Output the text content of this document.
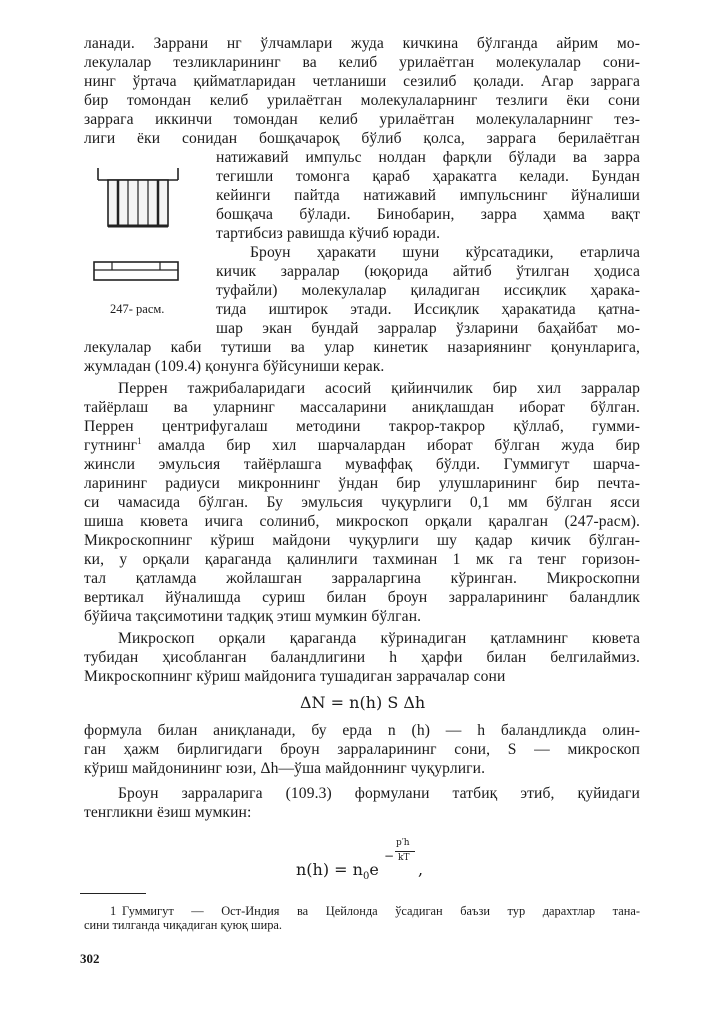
ланади. Заррани нг ўлчамлари жуда кичкина бўлганда айрим мо-
лекулалар тезликларининг ва келиб урилаётган молекулалар сони-
нинг ўртача қийматларидан четланиши сезилиб қолади. Агар заррага
бир томондан келиб урилаётган молекулаларнинг тезлиги ёки сони
заррага иккинчи томондан келиб урилаётган молекулаларнинг тез-
лиги ёки сонидан бошқачароқ бўлиб қолса, заррага берилаётган
247- расм.
натижавий импульс нолдан фарқли бўлади ва зарра
тегишли томонга қараб ҳаракатга келади. Бундан
кейинги пайтда натижавий импульснинг йўналиши
бошқача бўлади. Бинобарин, зарра ҳамма вақт
тартибсиз равишда кўчиб юради.
Броун ҳаракати шуни кўрсатадики, етарлича
кичик зарралар (юқорида айтиб ўтилган ҳодиса
туфайли) молекулалар қиладиган иссиқлик ҳарака-
тида иштирок этади. Иссиқлик ҳаракатида қатна-
шар экан бундай зарралар ўзларини баҳайбат мо-
лекулалар каби тутиши ва улар кинетик назариянинг қонунларига,
жумладан (109.4) қонунга бўйсуниши керак.
Перрен тажрибаларидаги асосий қийинчилик бир хил зарралар
тайёрлаш ва уларнинг массаларини аниқлашдан иборат бўлган.
Перрен центрифугалаш методини такрор-такрор қўллаб, гумми-
гутнинг$^1$ амалда бир хил шарчалардан иборат бўлган жуда бир
жинсли эмульсия тайёрлашга муваффақ бўлди. Гуммигут шарча-
ларининг радиуси микроннинг ўндан бир улушларининг бир печта-
си чамасида бўлган. Бу эмульсия чуқурлиги 0,1 мм бўлган ясси
шиша кювета ичига солиниб, микроскоп орқали қаралган (247-расм).
Микроскопнинг кўриш майдони чуқурлиги шу қадар кичик бўлган-
ки, у орқали қараганда қалинлиги тахминан 1 мк га тенг горизон-
тал қатламда жойлашган зарраларгина кўринган. Микроскопни
вертикал йўналишда суриш билан броун зарраларининг баландлик
бўйича тақсимотини тадқиқ этиш мумкин бўлган.
Микроскоп орқали қараганда кўринадиган қатламнинг кювета
тубидан ҳисобланган баландлигини h ҳарфи билан белгилаймиз.
Микроскопнинг кўриш майдонига тушадиган заррачалар сони
ΔN = n(h) S Δh
формула билан аниқланади, бу ерда n (h) — h баландликда олин-
ган ҳажм бирлигидаги броун зарраларининг сони, S — микроскоп
кўриш майдонининг юзи, Δh—ўша майдоннинг чуқурлиги.
Броун зарраларига (109.3) формулани татбиқ этиб, қуйидаги
тенгликни ёзиш мумкин:
$n(h) = n_0e$
−
p′h
kT
,
1 Гуммигут — Ост-Индия ва Цейлонда ўсадиган баъзи тур дарахтлар тана-
сини тилганда чиқадиган қуюқ шира.
302
